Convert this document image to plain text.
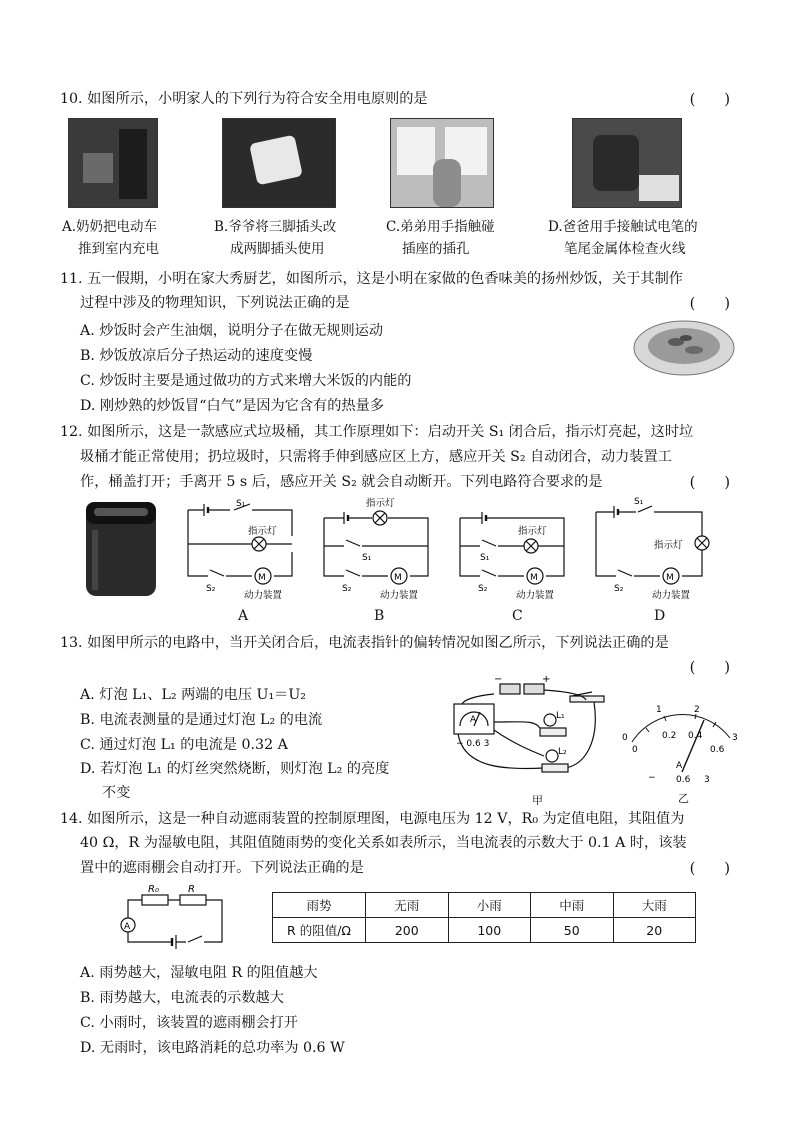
10. 如图所示，小明家人的下列行为符合安全用电原则的是	(　　)
A.奶奶把电动车
推到室内充电
B.爷爷将三脚插头改
成两脚插头使用
C.弟弟用手指触碰
插座的插孔
D.爸爸用手接触试电笔的
笔尾金属体检查火线
11. 五一假期，小明在家大秀厨艺，如图所示，这是小明在家做的色香味美的扬州炒饭，关于其制作
过程中涉及的物理知识，下列说法正确的是	(　　)
A. 炒饭时会产生油烟，说明分子在做无规则运动
B. 炒饭放凉后分子热运动的速度变慢
C. 炒饭时主要是通过做功的方式来增大米饭的内能的
D. 刚炒熟的炒饭冒“白气”是因为它含有的热量多
12. 如图所示，这是一款感应式垃圾桶，其工作原理如下：启动开关 S₁ 闭合后，指示灯亮起，这时垃
圾桶才能正常使用；扔垃圾时，只需将手伸到感应区上方，感应开关 S₂ 自动闭合，动力装置工
作，桶盖打开；手离开 5 s 后，感应开关 S₂ 就会自动断开。下列电路符合要求的是	(　　)
S₁
指示灯
S₂
M
动力装置
A
指示灯
S₁
S₂
M
动力装置
B
指示灯
S₁
S₂
M
动力装置
C
S₁
指示灯
S₂
M
动力装置
D
13. 如图甲所示的电路中，当开关闭合后，电流表指针的偏转情况如图乙所示，下列说法正确的是
(　　)
A. 灯泡 L₁、L₂ 两端的电压 U₁＝U₂
B. 电流表测量的是通过灯泡 L₂ 的电流
C. 通过灯泡 L₁ 的电流是 0.32 A
D. 若灯泡 L₁ 的灯丝突然烧断，则灯泡 L₂ 的亮度
不变
−	+
A
− 0.6 3
L₁
L₂
甲
0
1	2
3
0
0.2 0.4
0.6
A
− 0.6 3
乙
14. 如图所示，这是一种自动遮雨装置的控制原理图，电源电压为 12 V，R₀ 为定值电阻，其阻值为
40 Ω，R 为湿敏电阻，其阻值随雨势的变化关系如表所示，当电流表的示数大于 0.1 A 时，该装
置中的遮雨棚会自动打开。下列说法正确的是	(　　)
R₀	R
A
雨势	无雨	小雨	中雨	大雨
R 的阻值/Ω	200	100	50	20
A. 雨势越大，湿敏电阻 R 的阻值越大
B. 雨势越大，电流表的示数越大
C. 小雨时，该装置的遮雨棚会打开
D. 无雨时，该电路消耗的总功率为 0.6 W
